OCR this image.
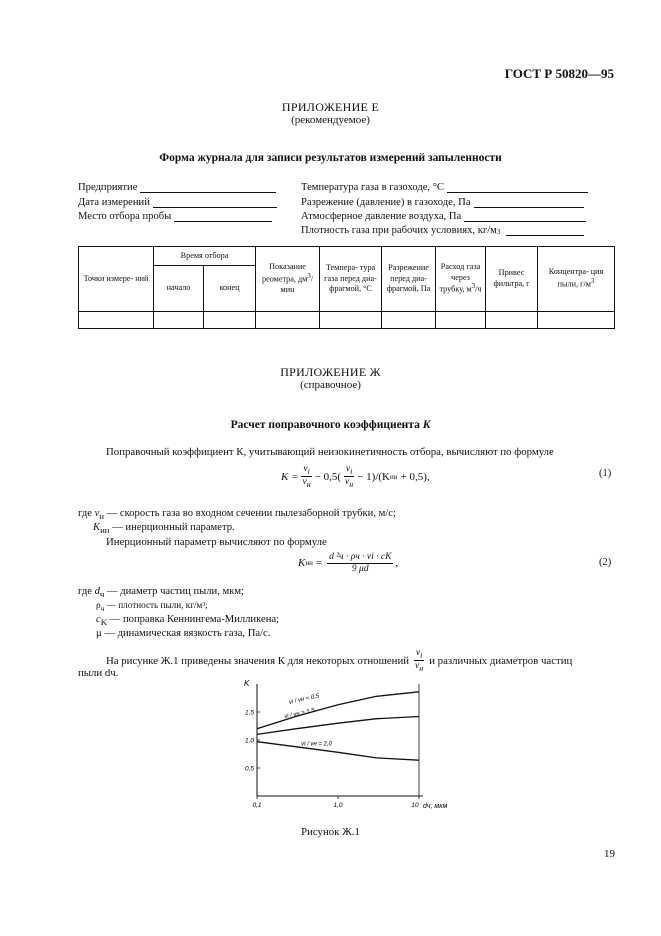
ГОСТ Р 50820—95
ПРИЛОЖЕНИЕ Е
(рекомендуемое)
Форма журнала для записи результатов измерений запыленности
Предприятие
Дата измерений
Место отбора пробы
Температура газа в газоходе, °С
Разрежение (давление) в газоходе, Па
Атмосферное давление воздуха, Па
Плотность газа при рабочих условиях, кг/м 3
Точки измере- ний	Время отбора		Показание реометра, $дм^3$/мин	Темпера- тура газа перед диа- фрагмой, °С	Разрежение перед диа- фрагмой, Па	Расход газа через трубку, $м^3/ч$	Привес фильтра, г	Концентра- ция пыли, $г/м^3$
	начало	конец						

ПРИЛОЖЕНИЕ Ж
(справочное)
Расчет поправочного коэффициента K
Поправочный коэффициент К, учитывающий неизокинетичность отбора, вычисляют по формуле
$K = \frac{v_i}{v_н} - 0,5( \frac{v_i}{v_н} - 1)/(K$ ин + 0,5),	(1)
где $v_н$ — скорость газа во входном сечении пылезаборной трубки, м/с;
$K_{ин}$ — инерционный параметр.
Инерционный параметр вычисляют по формуле
K ин = $\frac{\text{d ²ч · ρч · vi · cK}}{9 \mu d}$ ,	(2)
где $d_ч$ — диаметр частиц пыли, мкм;
$\rho_ч$ — плотность пыли, кг/м³;
$c_K$ — поправка Кеннингема-Милликена;
μ — динамическая вязкость газа, Па/с.
На рисунке Ж.1 приведены значения К для некоторых отношений $\frac{v_i}{v_н}$ и различных диаметров частиц
пыли dч.
K
dч, мкм
0,5
1,0
1,5
0,1	1,0	10
vi / vн = 0,5
vi / vн = 1,5
vi / vн = 2,0
Рисунок Ж.1
19
